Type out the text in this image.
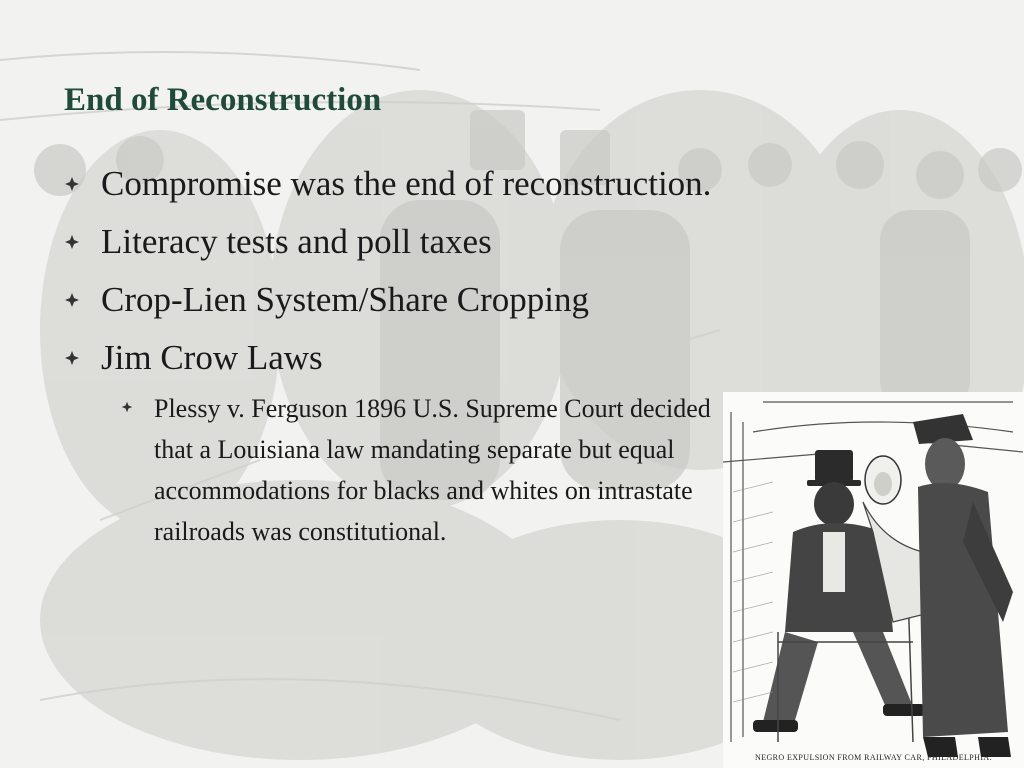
End of Reconstruction
Compromise was the end of reconstruction.
Literacy tests and poll taxes
Crop-Lien System/Share Cropping
Jim Crow Laws
Plessy v. Ferguson 1896 U.S. Supreme Court decided that a Louisiana law mandating separate but equal accommodations for blacks and whites on intrastate railroads was constitutional.
NEGRO EXPULSION FROM RAILWAY CAR, PHILADELPHIA.
